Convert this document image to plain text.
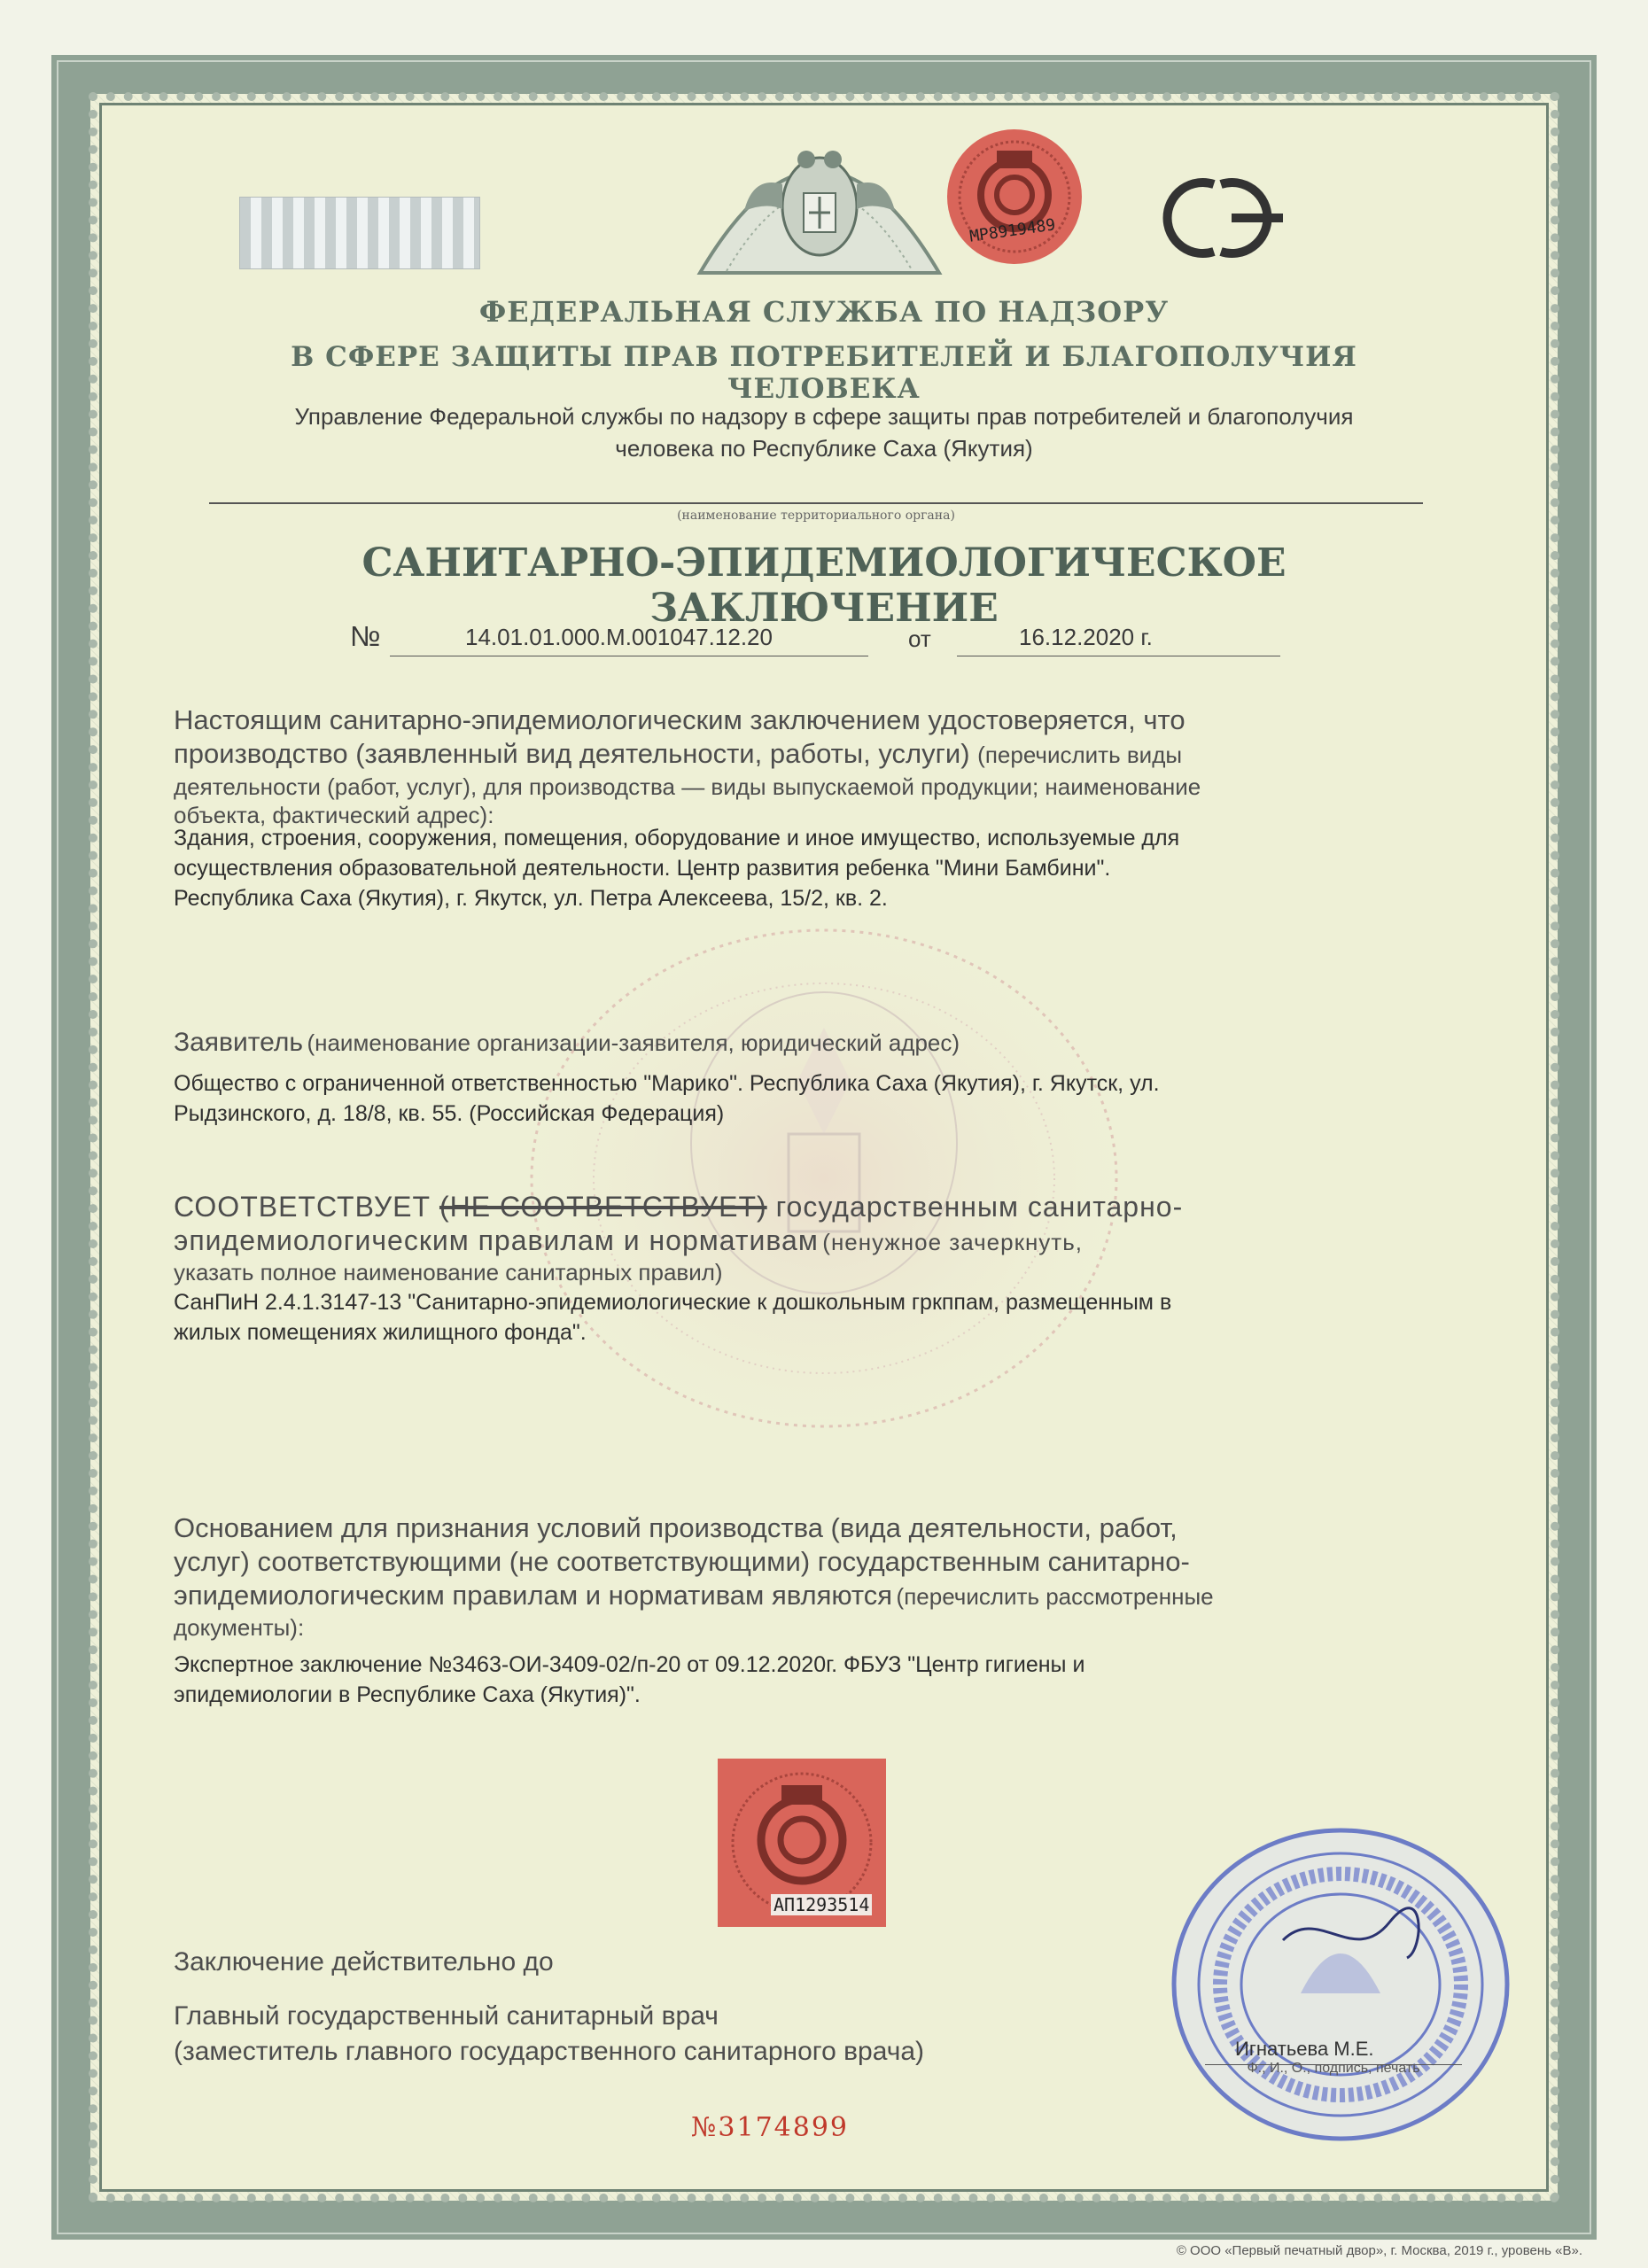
МР8919489
ФЕДЕРАЛЬНАЯ СЛУЖБА ПО НАДЗОРУ
В СФЕРЕ ЗАЩИТЫ ПРАВ ПОТРЕБИТЕЛЕЙ И БЛАГОПОЛУЧИЯ ЧЕЛОВЕКА
Управление Федеральной службы по надзору в сфере защиты прав потребителей и благополучия
человека по Республике Саха (Якутия)
(наименование территориального органа)
САНИТАРНО-ЭПИДЕМИОЛОГИЧЕСКОЕ ЗАКЛЮЧЕНИЕ
№	14.01.01.000.М.001047.12.20	от	16.12.2020 г.
Настоящим санитарно-эпидемиологическим заключением удостоверяется, что
производство (заявленный вид деятельности, работы, услуги) (перечислить виды
деятельности (работ, услуг), для производства — виды выпускаемой продукции; наименование
объекта, фактический адрес):
Здания, строения, сооружения, помещения, оборудование и иное имущество, используемые для
осуществления образовательной деятельности. Центр развития ребенка "Мини Бамбини".
Республика Саха (Якутия), г. Якутск, ул. Петра Алексеева, 15/2, кв. 2.
Заявитель (наименование организации-заявителя, юридический адрес)
Общество с ограниченной ответственностью "Марико". Республика Саха (Якутия), г. Якутск, ул.
Рыдзинского, д. 18/8, кв. 55. (Российская Федерация)
СООТВЕТСТВУЕТ (НЕ СООТВЕТСТВУЕТ) государственным санитарно-
эпидемиологическим правилам и нормативам (ненужное зачеркнуть,
указать полное наименование санитарных правил)
СанПиН 2.4.1.3147-13 "Санитарно-эпидемиологические к дошкольным гркппам, размещенным в
жилых помещениях жилищного фонда".
Основанием для признания условий производства (вида деятельности, работ,
услуг) соответствующими (не соответствующими) государственным санитарно-
эпидемиологическим правилам и нормативам являются (перечислить рассмотренные
документы):
Экспертное заключение №3463-ОИ-3409-02/п-20 от 09.12.2020г. ФБУЗ "Центр гигиены и
эпидемиологии в Республике Саха (Якутия)".
АП1293514
Заключение действительно до
Главный государственный санитарный врач
(заместитель главного государственного санитарного врача)	Игнатьева М.Е.
Ф., И., О., подпись, печать
№3174899
© ООО «Первый печатный двор», г. Москва, 2019 г., уровень «В».
